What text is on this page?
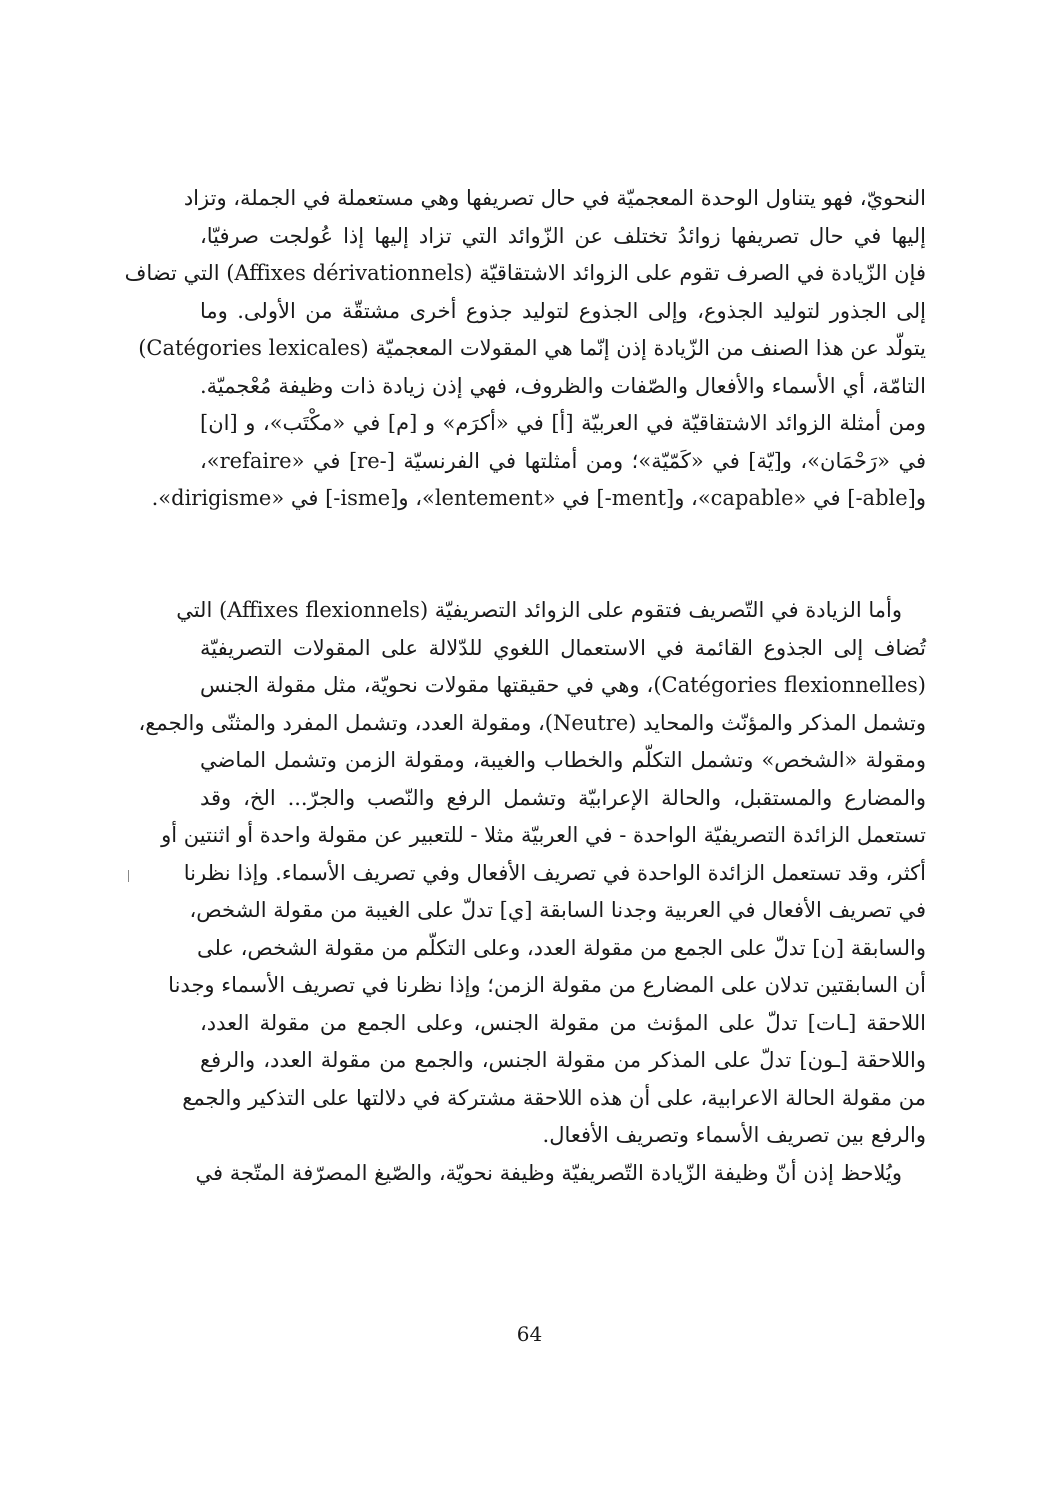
النحويّ، فهو يتناول الوحدة المعجميّة في حال تصريفها وهي مستعملة في الجملة، وتزاد
إليها في حال تصريفها زوائدُ تختلف عن الزّوائد التي تزاد إليها إذا عُولجت صرفيّا،
فإن الزّيادة في الصرف تقوم على الزوائد الاشتقاقيّة (Affixes dérivationnels) التي تضاف
إلى الجذور لتوليد الجذوع، وإلى الجذوع لتوليد جذوع أخرى مشتقّة من الأولى. وما
يتولّد عن هذا الصنف من الزّيادة إذن إنّما هي المقولات المعجميّة (Catégories lexicales)
التامّة، أي الأسماء والأفعال والصّفات والظروف، فهي إذن زيادة ذات وظيفة مُعْجميّة.
ومن أمثلة الزوائد الاشتقاقيّة في العربيّة [أ] في «أكرَم» و [م] في «مكْتَب»، و [ان]
في «رَحْمَان»، و[يّة] في «كَمّيّة»؛ ومن أمثلتها في الفرنسيّة [-re] في «refaire»،
و[able-] في «capable»، و[ment-] في «lentement»، و[isme-] في «dirigisme».
وأما الزيادة في التّصريف فتقوم على الزوائد التصريفيّة (Affixes flexionnels) التي
تُضاف إلى الجذوع القائمة في الاستعمال اللغوي للدّلالة على المقولات التصريفيّة
(Catégories flexionnelles)، وهي في حقيقتها مقولات نحويّة، مثل مقولة الجنس
وتشمل المذكر والمؤنّث والمحايد (Neutre)، ومقولة العدد، وتشمل المفرد والمثنّى والجمع،
ومقولة «الشخص» وتشمل التكلّم والخطاب والغيبة، ومقولة الزمن وتشمل الماضي
والمضارع والمستقبل، والحالة الإعرابيّة وتشمل الرفع والنّصب والجرّ... الخ، وقد
تستعمل الزائدة التصريفيّة الواحدة - في العربيّة مثلا - للتعبير عن مقولة واحدة أو اثنتين أو
أكثر، وقد تستعمل الزائدة الواحدة في تصريف الأفعال وفي تصريف الأسماء. وإذا نظرنا
في تصريف الأفعال في العربية وجدنا السابقة [ي] تدلّ على الغيبة من مقولة الشخص،
والسابقة [ن] تدلّ على الجمع من مقولة العدد، وعلى التكلّم من مقولة الشخص، على
أن السابقتين تدلان على المضارع من مقولة الزمن؛ وإذا نظرنا في تصريف الأسماء وجدنا
اللاحقة [ـات] تدلّ على المؤنث من مقولة الجنس، وعلى الجمع من مقولة العدد،
واللاحقة [ـون] تدلّ على المذكر من مقولة الجنس، والجمع من مقولة العدد، والرفع
من مقولة الحالة الاعرابية، على أن هذه اللاحقة مشتركة في دلالتها على التذكير والجمع
والرفع بين تصريف الأسماء وتصريف الأفعال.
ويُلاحظ إذن أنّ وظيفة الزّيادة التّصريفيّة وظيفة نحويّة، والصّيغ المصرّفة المتّجة في
64
